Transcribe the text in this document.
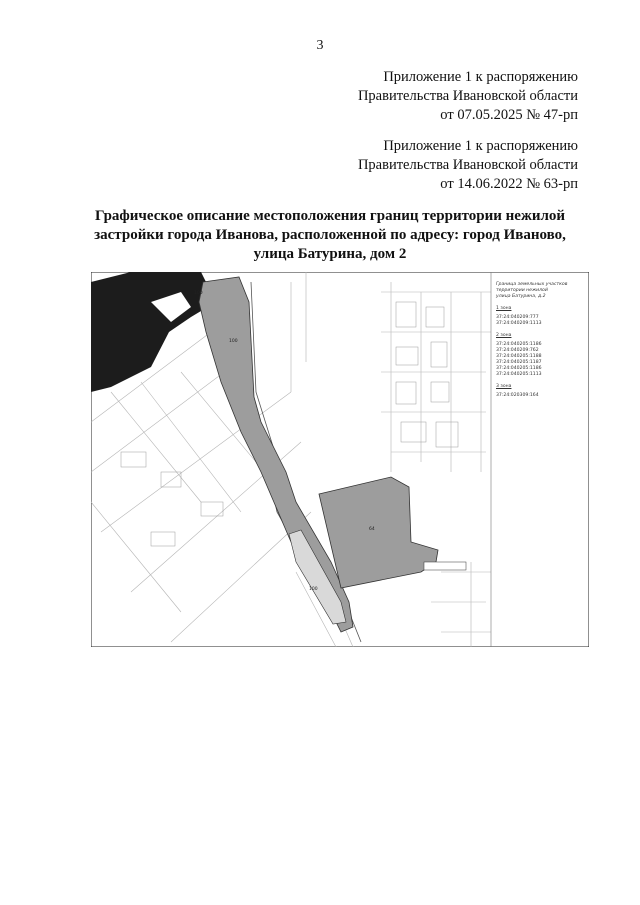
3
Приложение 1 к распоряжению
Правительства Ивановской области
от 07.05.2025 № 47-рп
Приложение 1 к распоряжению
Правительства Ивановской области
от 14.06.2022 № 63-рп
Графическое описание местоположения границ территории нежилой
застройки города Иванова, расположенной по адресу: город Иваново,
улица Батурина, дом 2
100
64
100
100
Граница земельных участков
территории нежилой
улица Батурина, д.2
1 зона
37:24:040209:777
37:24:040209:1113
2 зона
37:24:040205:1186
37:24:040209:762
37:24:040205:1188
37:24:040205:1187
37:24:040205:1186
37:24:040205:1113
3 зона
37:24:020309:164
